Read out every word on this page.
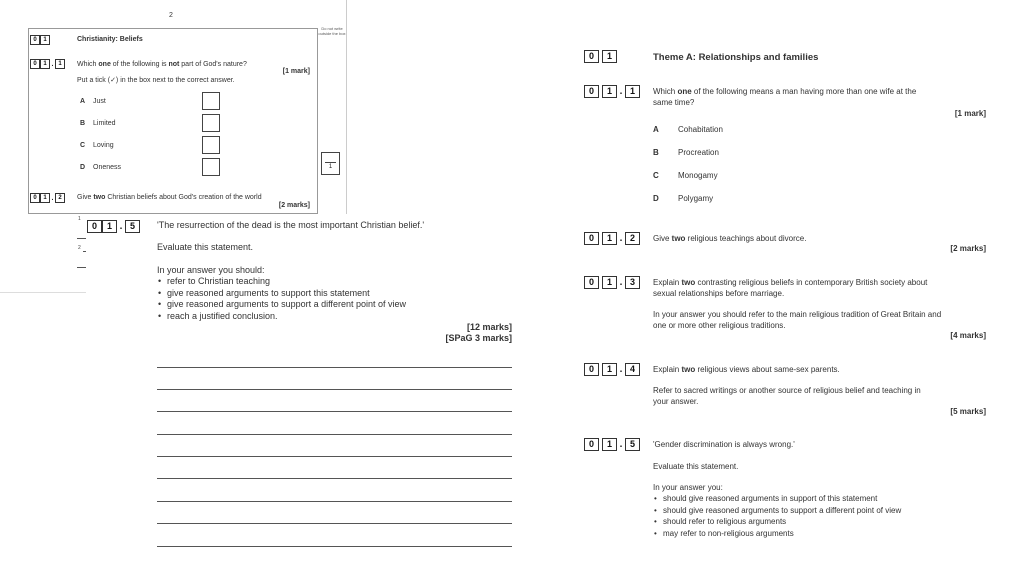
2
Do not write outside the box
0	1	Christianity: Beliefs
0	1 . 1	Which one of the following is not part of God's nature?
[1 mark]
Put a tick (✓) in the box next to the correct answer.
A Just
B Limited
C Loving
D Oneness	1
0	1 . 2	Give two Christian beliefs about God's creation of the world
[2 marks]
1
2
0	1 . 5	'The resurrection of the dead is the most important Christian belief.'
Evaluate this statement.
In your answer you should:
• refer to Christian teaching
• give reasoned arguments to support this statement
• give reasoned arguments to support a different point of view
• reach a justified conclusion.
[12 marks]
[SPaG 3 marks]
0	1	Theme A: Relationships and families
0	1 . 1	Which one of the following means a man having more than one wife at the
same time?
[1 mark]
A Cohabitation
B Procreation
C Monogamy
D Polygamy
0	1 . 2	Give two religious teachings about divorce.
[2 marks]
0	1 . 3	Explain two contrasting religious beliefs in contemporary British society about
sexual relationships before marriage.
In your answer you should refer to the main religious tradition of Great Britain and
one or more other religious traditions.
[4 marks]
0	1 . 4	Explain two religious views about same-sex parents.
Refer to sacred writings or another source of religious belief and teaching in
your answer.
[5 marks]
0	1 . 5	'Gender discrimination is always wrong.'
Evaluate this statement.
In your answer you:
• should give reasoned arguments in support of this statement
• should give reasoned arguments to support a different point of view
• should refer to religious arguments
• may refer to non-religious arguments
